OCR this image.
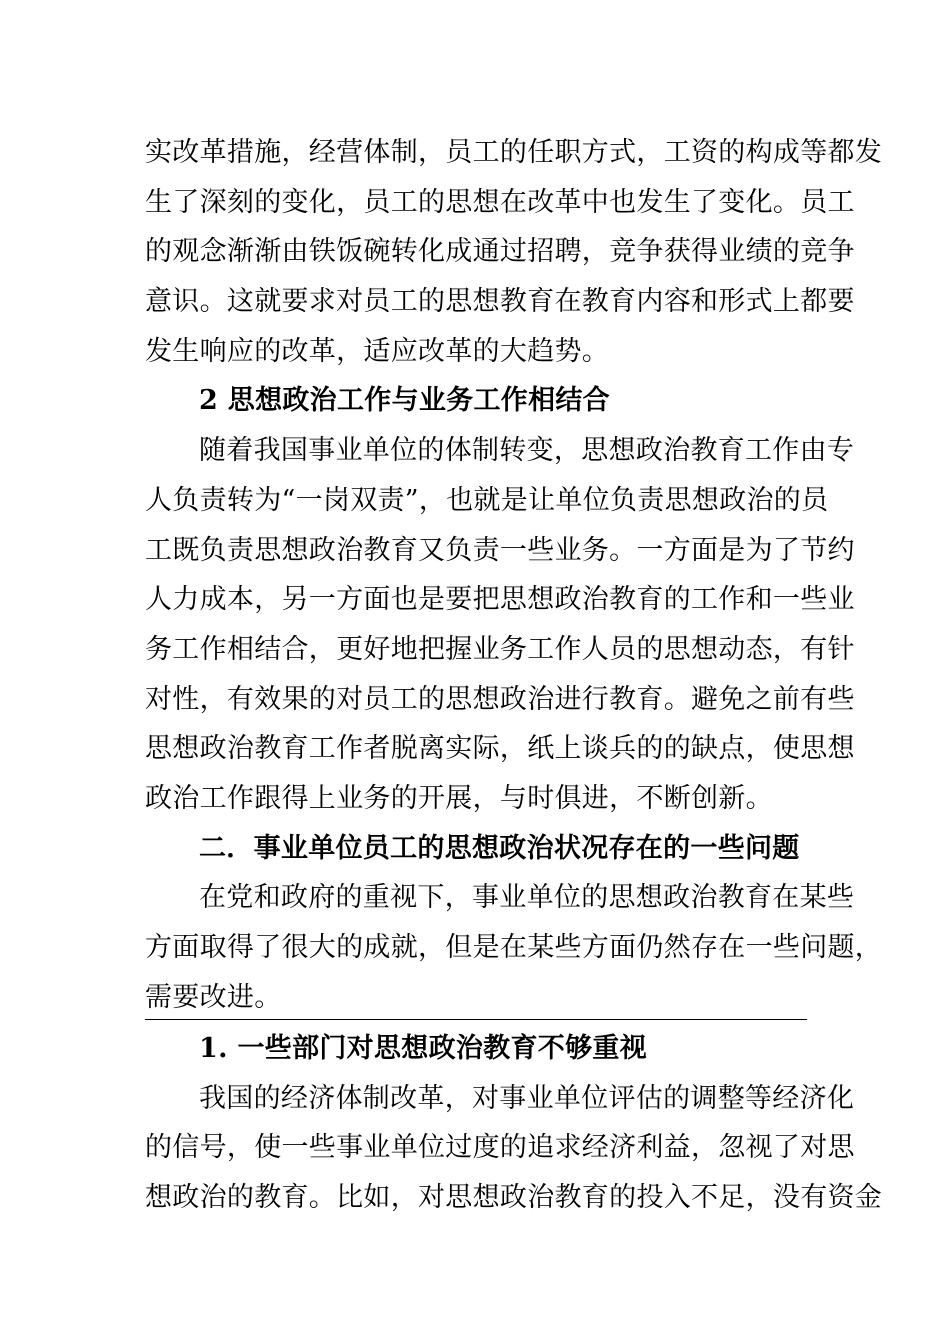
实改革措施，经营体制，员工的任职方式，工资的构成等都发
生了深刻的变化，员工的思想在改革中也发生了变化。员工
的观念渐渐由铁饭碗转化成通过招聘，竞争获得业绩的竞争
意识。这就要求对员工的思想教育在教育内容和形式上都要
发生响应的改革，适应改革的大趋势。
2 思想政治工作与业务工作相结合
随着我国事业单位的体制转变，思想政治教育工作由专
人负责转为“一岗双责”，也就是让单位负责思想政治的员
工既负责思想政治教育又负责一些业务。一方面是为了节约
人力成本，另一方面也是要把思想政治教育的工作和一些业
务工作相结合，更好地把握业务工作人员的思想动态，有针
对性，有效果的对员工的思想政治进行教育。避免之前有些
思想政治教育工作者脱离实际，纸上谈兵的的缺点，使思想
政治工作跟得上业务的开展，与时俱进，不断创新。
二．事业单位员工的思想政治状况存在的一些问题
在党和政府的重视下，事业单位的思想政治教育在某些
方面取得了很大的成就，但是在某些方面仍然存在一些问题，
需要改进。
1. 一些部门对思想政治教育不够重视
我国的经济体制改革，对事业单位评估的调整等经济化
的信号，使一些事业单位过度的追求经济利益，忽视了对思
想政治的教育。比如，对思想政治教育的投入不足，没有资金
